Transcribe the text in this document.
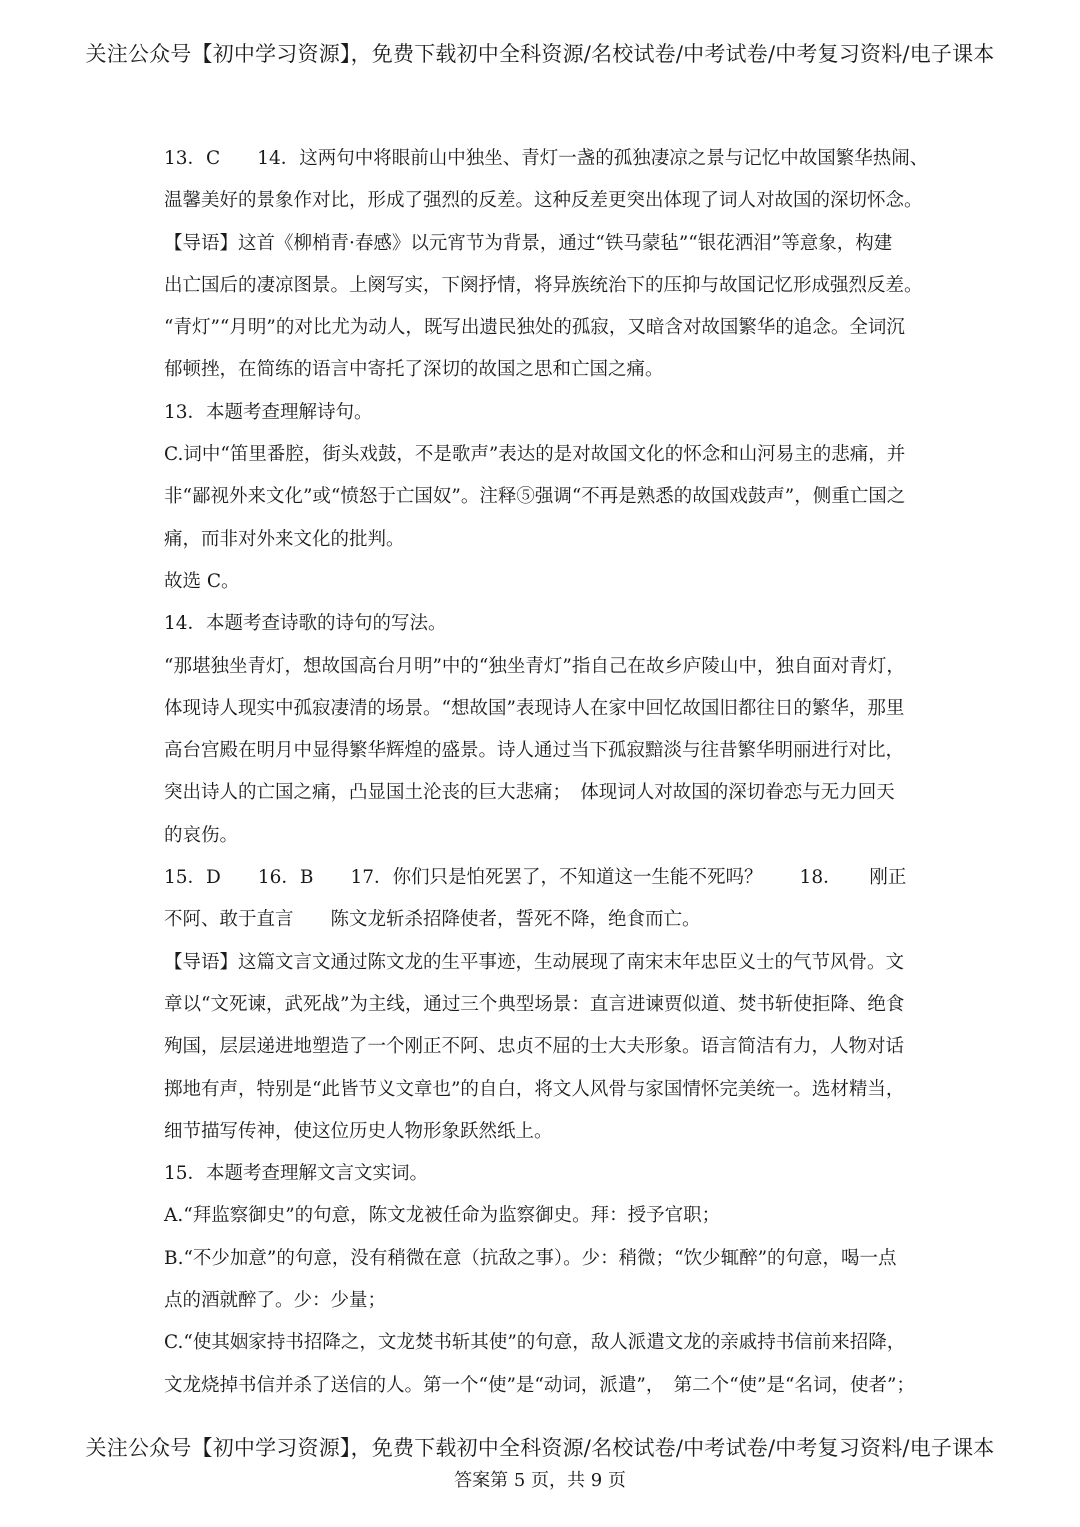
关注公众号【初中学习资源】，免费下载初中全科资源/名校试卷/中考试卷/中考复习资料/电子课本
13．C　　14．这两句中将眼前山中独坐、青灯一盏的孤独凄凉之景与记忆中故国繁华热闹、
温馨美好的景象作对比，形成了强烈的反差。这种反差更突出体现了词人对故国的深切怀念。
【导语】这首《柳梢青·春感》以元宵节为背景，通过“铁马蒙毡”“银花洒泪”等意象，构建
出亡国后的凄凉图景。上阕写实，下阕抒情，将异族统治下的压抑与故国记忆形成强烈反差。
“青灯”“月明”的对比尤为动人，既写出遗民独处的孤寂，又暗含对故国繁华的追念。全词沉
郁顿挫，在简练的语言中寄托了深切的故国之思和亡国之痛。
13．本题考查理解诗句。
C.词中“笛里番腔，街头戏鼓，不是歌声”表达的是对故国文化的怀念和山河易主的悲痛，并
非“鄙视外来文化”或“愤怒于亡国奴”。注释⑤强调“不再是熟悉的故国戏鼓声”，侧重亡国之
痛，而非对外来文化的批判。
故选 C。
14．本题考查诗歌的诗句的写法。
“那堪独坐青灯，想故国高台月明”中的“独坐青灯”指自己在故乡庐陵山中，独自面对青灯，
体现诗人现实中孤寂凄清的场景。“想故国”表现诗人在家中回忆故国旧都往日的繁华，那里
高台宫殿在明月中显得繁华辉煌的盛景。诗人通过当下孤寂黯淡与往昔繁华明丽进行对比，
突出诗人的亡国之痛，凸显国土沦丧的巨大悲痛；　体现词人对故国的深切眷恋与无力回天
的哀伤。
15．D　　16．B　　17．你们只是怕死罢了，不知道这一生能不死吗？　　18．　　刚正
不阿、敢于直言　　陈文龙斩杀招降使者，誓死不降，绝食而亡。
【导语】这篇文言文通过陈文龙的生平事迹，生动展现了南宋末年忠臣义士的气节风骨。文
章以“文死谏，武死战”为主线，通过三个典型场景：直言进谏贾似道、焚书斩使拒降、绝食
殉国，层层递进地塑造了一个刚正不阿、忠贞不屈的士大夫形象。语言简洁有力，人物对话
掷地有声，特别是“此皆节义文章也”的自白，将文人风骨与家国情怀完美统一。选材精当，
细节描写传神，使这位历史人物形象跃然纸上。
15．本题考查理解文言文实词。
A.“拜监察御史”的句意，陈文龙被任命为监察御史。拜：授予官职；
B.“不少加意”的句意，没有稍微在意（抗敌之事）。少：稍微；“饮少辄醉”的句意，喝一点
点的酒就醉了。少：少量；
C.“使其姻家持书招降之，文龙焚书斩其使”的句意，敌人派遣文龙的亲戚持书信前来招降，
文龙烧掉书信并杀了送信的人。第一个“使”是“动词，派遣”，　第二个“使”是“名词，使者”；
关注公众号【初中学习资源】，免费下载初中全科资源/名校试卷/中考试卷/中考复习资料/电子课本
答案第 5 页，共 9 页
